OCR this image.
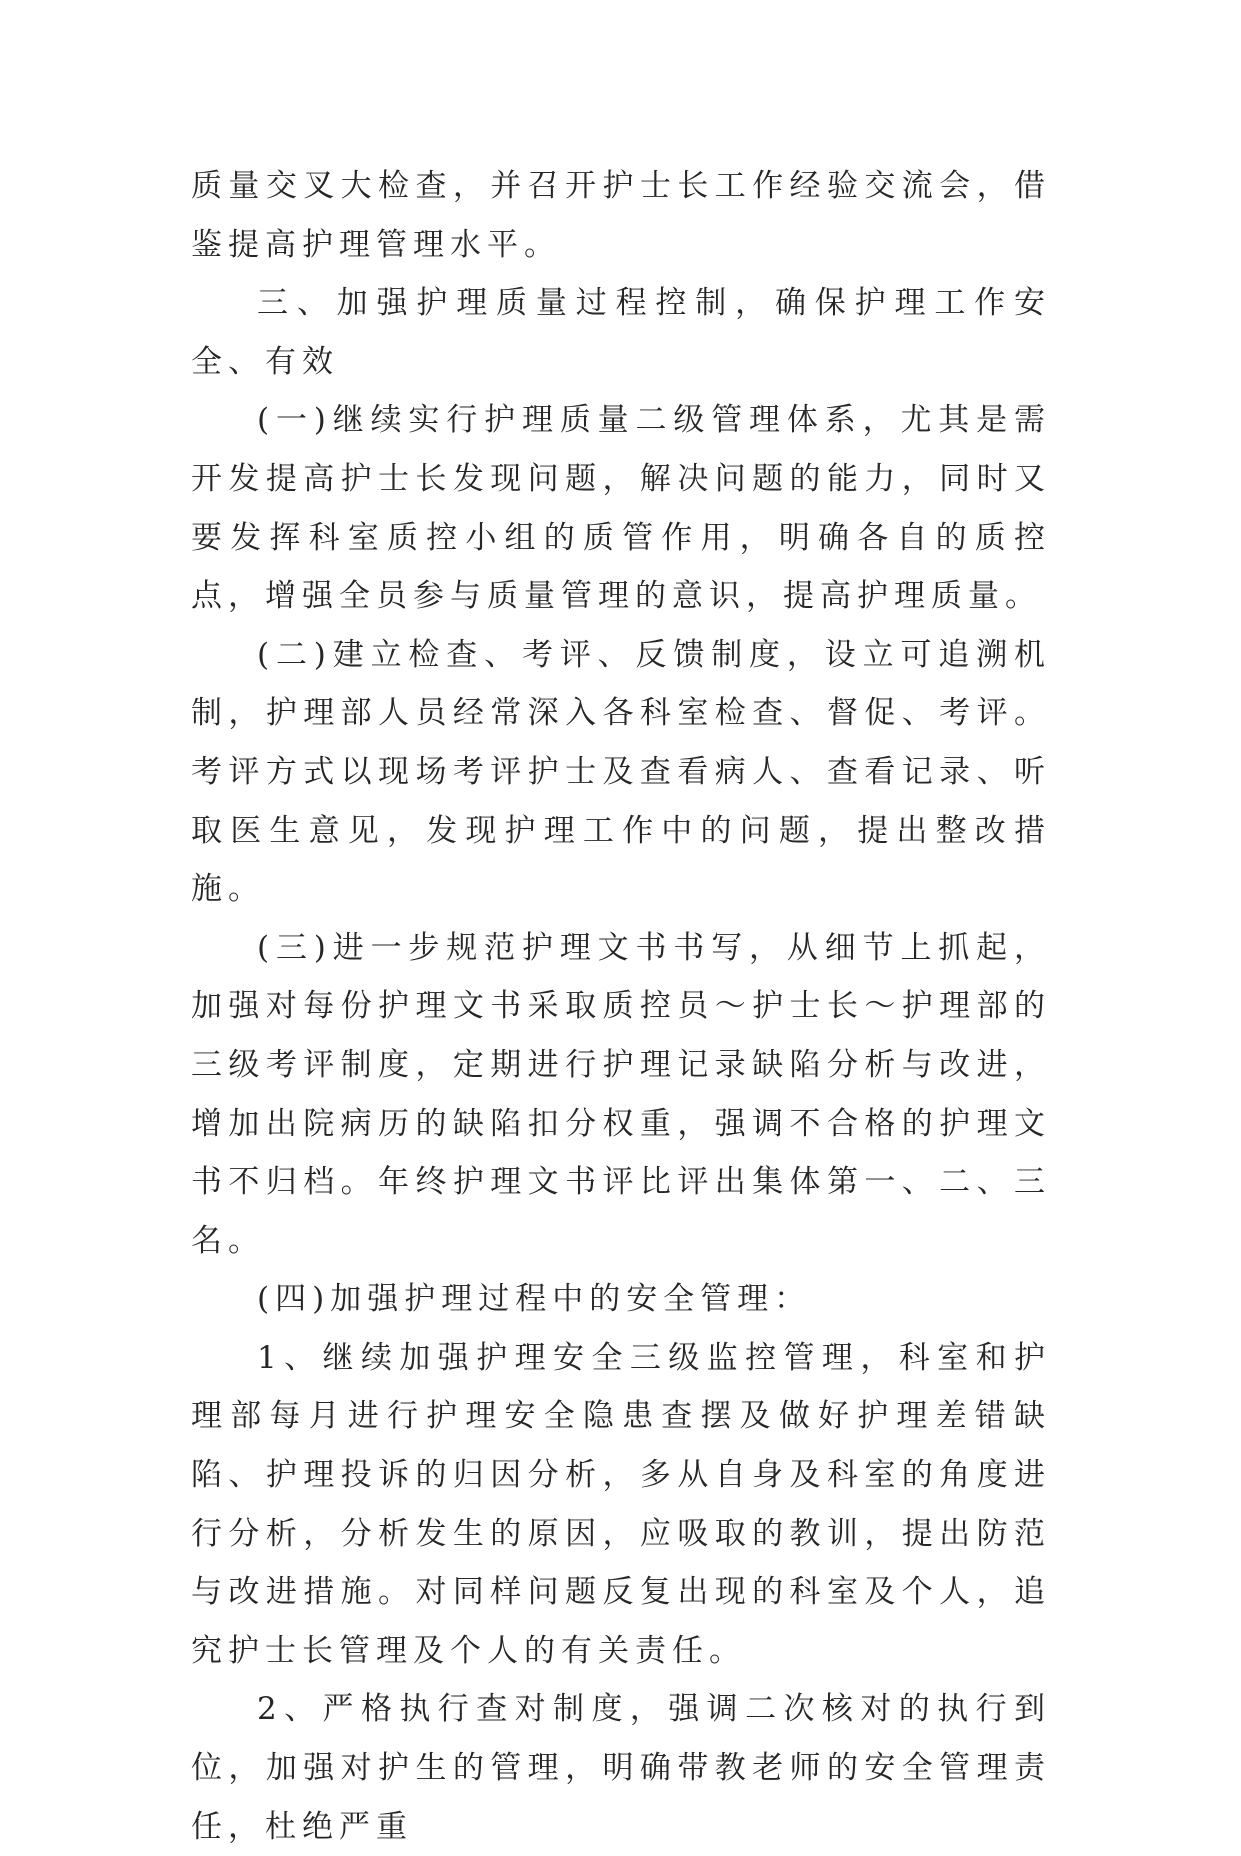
质量交叉大检查，并召开护士长工作经验交流会，借鉴提高护理管理水平。

三、加强护理质量过程控制，确保护理工作安全、有效

(一)继续实行护理质量二级管理体系，尤其是需开发提高护士长发现问题，解决问题的能力，同时又要发挥科室质控小组的质管作用，明确各自的质控点，增强全员参与质量管理的意识，提高护理质量。

(二)建立检查、考评、反馈制度，设立可追溯机制，护理部人员经常深入各科室检查、督促、考评。考评方式以现场考评护士及查看病人、查看记录、听取医生意见，发现护理工作中的问题，提出整改措施。

(三)进一步规范护理文书书写，从细节上抓起，加强对每份护理文书采取质控员～护士长～护理部的三级考评制度，定期进行护理记录缺陷分析与改进，增加出院病历的缺陷扣分权重，强调不合格的护理文书不归档。年终护理文书评比评出集体第一、二、三名。

(四)加强护理过程中的安全管理：

1、继续加强护理安全三级监控管理，科室和护理部每月进行护理安全隐患查摆及做好护理差错缺陷、护理投诉的归因分析，多从自身及科室的角度进行分析，分析发生的原因，应吸取的教训，提出防范与改进措施。对同样问题反复出现的科室及个人，追究护士长管理及个人的有关责任。

2、严格执行查对制度，强调二次核对的执行到位，加强对护生的管理，明确带教老师的安全管理责任，杜绝严重
